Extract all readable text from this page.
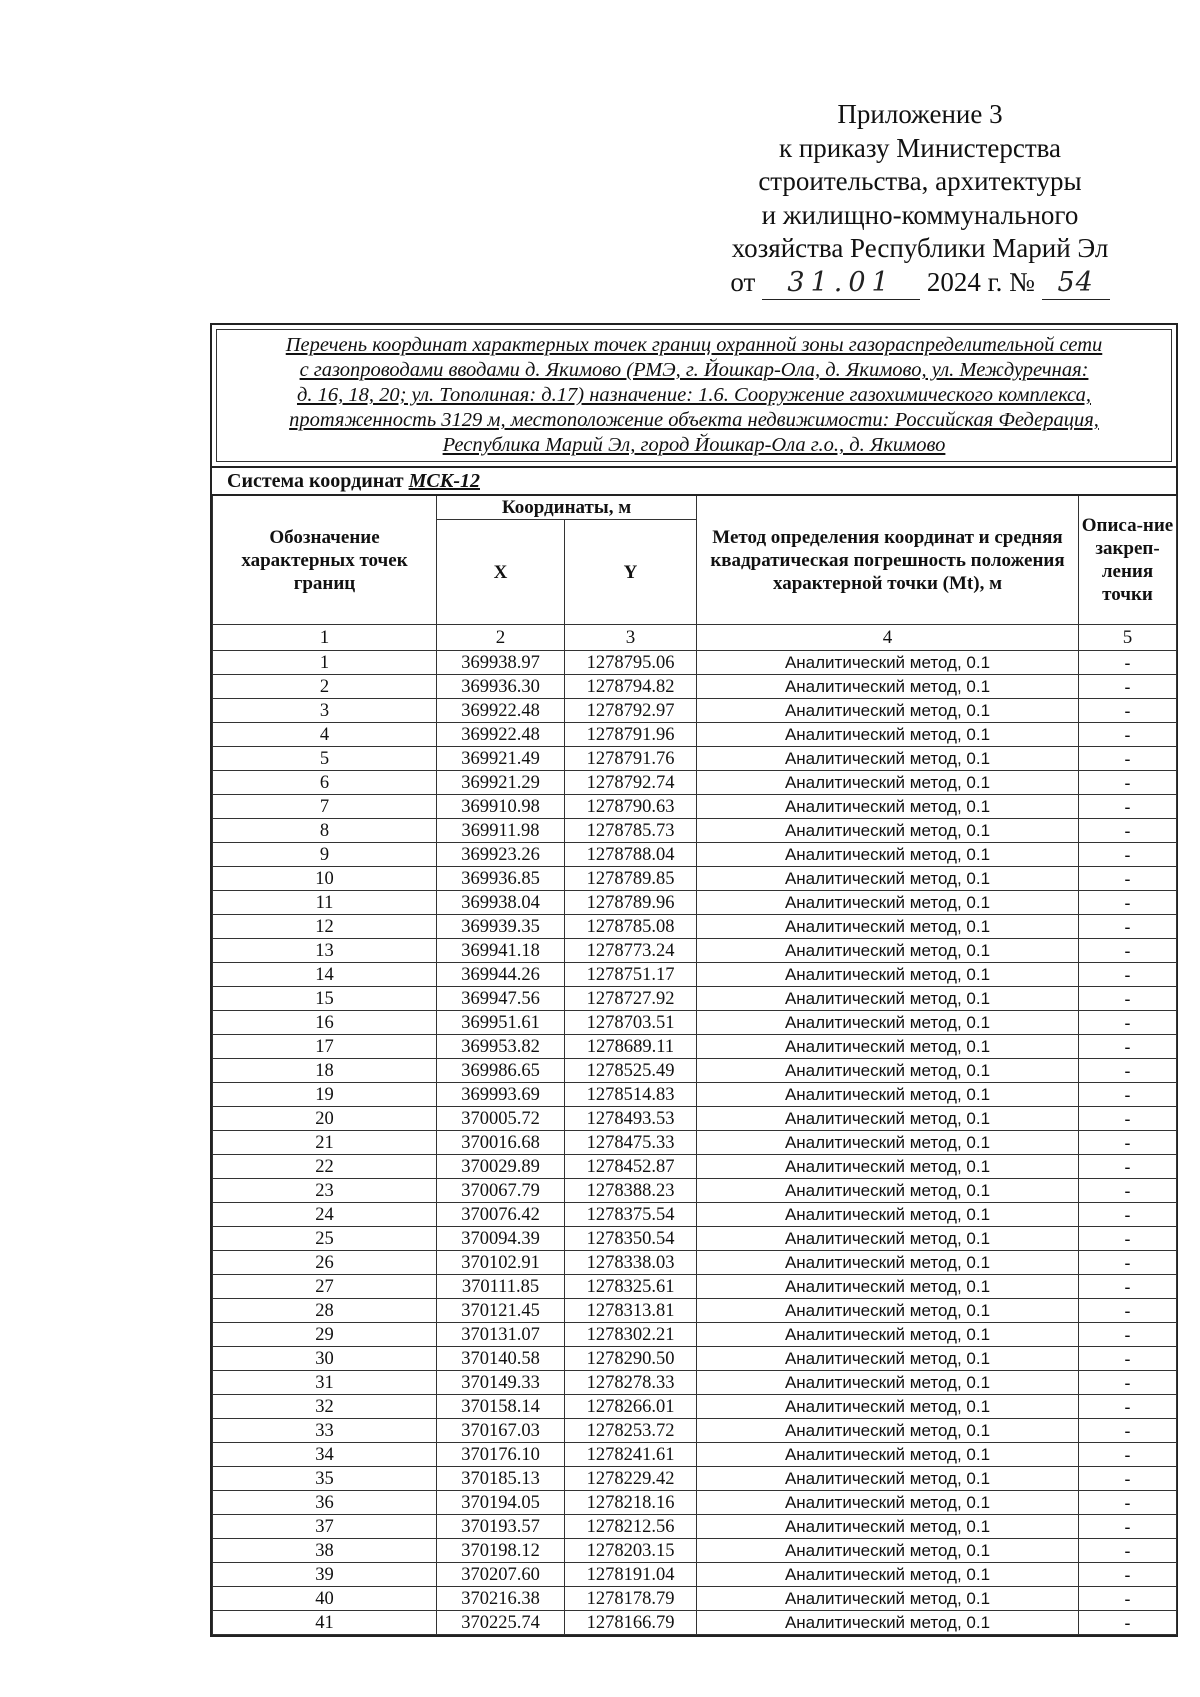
Приложение 3
к приказу Министерства
строительства, архитектуры
и жилищно-коммунального
хозяйства Республики Марий Эл
от 31.01 2024 г. № 54
Перечень координат характерных точек границ охранной зоны газораспределительной сети
с газопроводами вводами д. Якимово (РМЭ, г. Йошкар-Ола, д. Якимово, ул. Междуречная:
д. 16, 18, 20; ул. Тополиная: д.17) назначение: 1.6. Сооружение газохимического комплекса,
протяженность 3129 м, местоположение объекта недвижимости: Российская Федерация,
Республика Марий Эл, город Йошкар-Ола г.о., д. Якимово
Система координат МСК-12
Обозначение характерных точек границ	Координаты, м		Метод определения координат и средняя квадратическая погрешность положения характерной точки (Mt), м	Описа-ние закреп-ления точки
	X	Y		
1	2	3	4	5
1	369938.97	1278795.06	Аналитический метод, 0.1	-
2	369936.30	1278794.82	Аналитический метод, 0.1	-
3	369922.48	1278792.97	Аналитический метод, 0.1	-
4	369922.48	1278791.96	Аналитический метод, 0.1	-
5	369921.49	1278791.76	Аналитический метод, 0.1	-
6	369921.29	1278792.74	Аналитический метод, 0.1	-
7	369910.98	1278790.63	Аналитический метод, 0.1	-
8	369911.98	1278785.73	Аналитический метод, 0.1	-
9	369923.26	1278788.04	Аналитический метод, 0.1	-
10	369936.85	1278789.85	Аналитический метод, 0.1	-
11	369938.04	1278789.96	Аналитический метод, 0.1	-
12	369939.35	1278785.08	Аналитический метод, 0.1	-
13	369941.18	1278773.24	Аналитический метод, 0.1	-
14	369944.26	1278751.17	Аналитический метод, 0.1	-
15	369947.56	1278727.92	Аналитический метод, 0.1	-
16	369951.61	1278703.51	Аналитический метод, 0.1	-
17	369953.82	1278689.11	Аналитический метод, 0.1	-
18	369986.65	1278525.49	Аналитический метод, 0.1	-
19	369993.69	1278514.83	Аналитический метод, 0.1	-
20	370005.72	1278493.53	Аналитический метод, 0.1	-
21	370016.68	1278475.33	Аналитический метод, 0.1	-
22	370029.89	1278452.87	Аналитический метод, 0.1	-
23	370067.79	1278388.23	Аналитический метод, 0.1	-
24	370076.42	1278375.54	Аналитический метод, 0.1	-
25	370094.39	1278350.54	Аналитический метод, 0.1	-
26	370102.91	1278338.03	Аналитический метод, 0.1	-
27	370111.85	1278325.61	Аналитический метод, 0.1	-
28	370121.45	1278313.81	Аналитический метод, 0.1	-
29	370131.07	1278302.21	Аналитический метод, 0.1	-
30	370140.58	1278290.50	Аналитический метод, 0.1	-
31	370149.33	1278278.33	Аналитический метод, 0.1	-
32	370158.14	1278266.01	Аналитический метод, 0.1	-
33	370167.03	1278253.72	Аналитический метод, 0.1	-
34	370176.10	1278241.61	Аналитический метод, 0.1	-
35	370185.13	1278229.42	Аналитический метод, 0.1	-
36	370194.05	1278218.16	Аналитический метод, 0.1	-
37	370193.57	1278212.56	Аналитический метод, 0.1	-
38	370198.12	1278203.15	Аналитический метод, 0.1	-
39	370207.60	1278191.04	Аналитический метод, 0.1	-
40	370216.38	1278178.79	Аналитический метод, 0.1	-
41	370225.74	1278166.79	Аналитический метод, 0.1	-
